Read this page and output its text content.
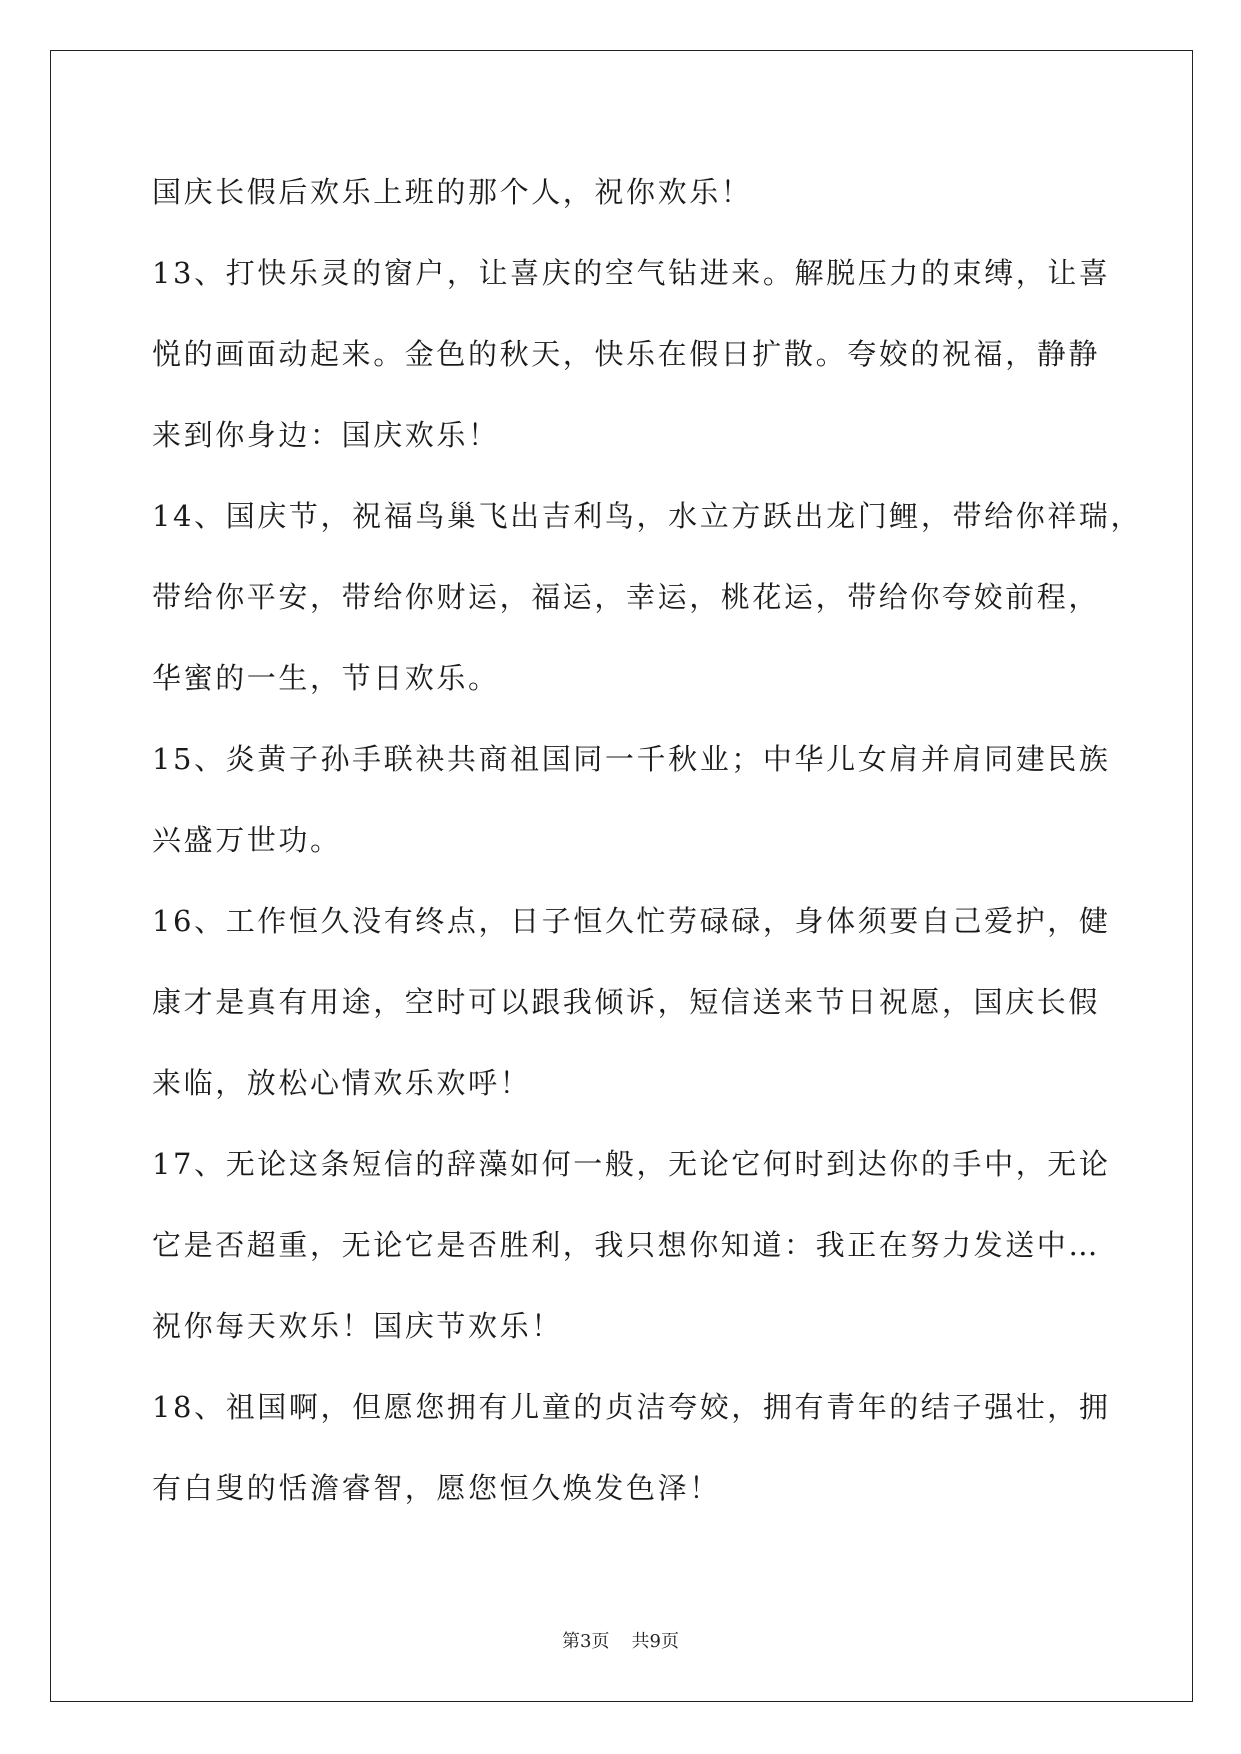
国庆长假后欢乐上班的那个人，祝你欢乐！
13、打快乐灵的窗户，让喜庆的空气钻进来。解脱压力的束缚，让喜
悦的画面动起来。金色的秋天，快乐在假日扩散。夸姣的祝福，静静
来到你身边：国庆欢乐！
14、国庆节，祝福鸟巢飞出吉利鸟，水立方跃出龙门鲤，带给你祥瑞，
带给你平安，带给你财运，福运，幸运，桃花运，带给你夸姣前程，
华蜜的一生，节日欢乐。
15、炎黄子孙手联袂共商祖国同一千秋业；中华儿女肩并肩同建民族
兴盛万世功。
16、工作恒久没有终点，日子恒久忙劳碌碌，身体须要自己爱护，健
康才是真有用途，空时可以跟我倾诉，短信送来节日祝愿，国庆长假
来临，放松心情欢乐欢呼！
17、无论这条短信的辞藻如何一般，无论它何时到达你的手中，无论
它是否超重，无论它是否胜利，我只想你知道：我正在努力发送中…
祝你每天欢乐！国庆节欢乐！
18、祖国啊，但愿您拥有儿童的贞洁夸姣，拥有青年的结子强壮，拥
有白叟的恬澹睿智，愿您恒久焕发色泽！
第3页 共9页
